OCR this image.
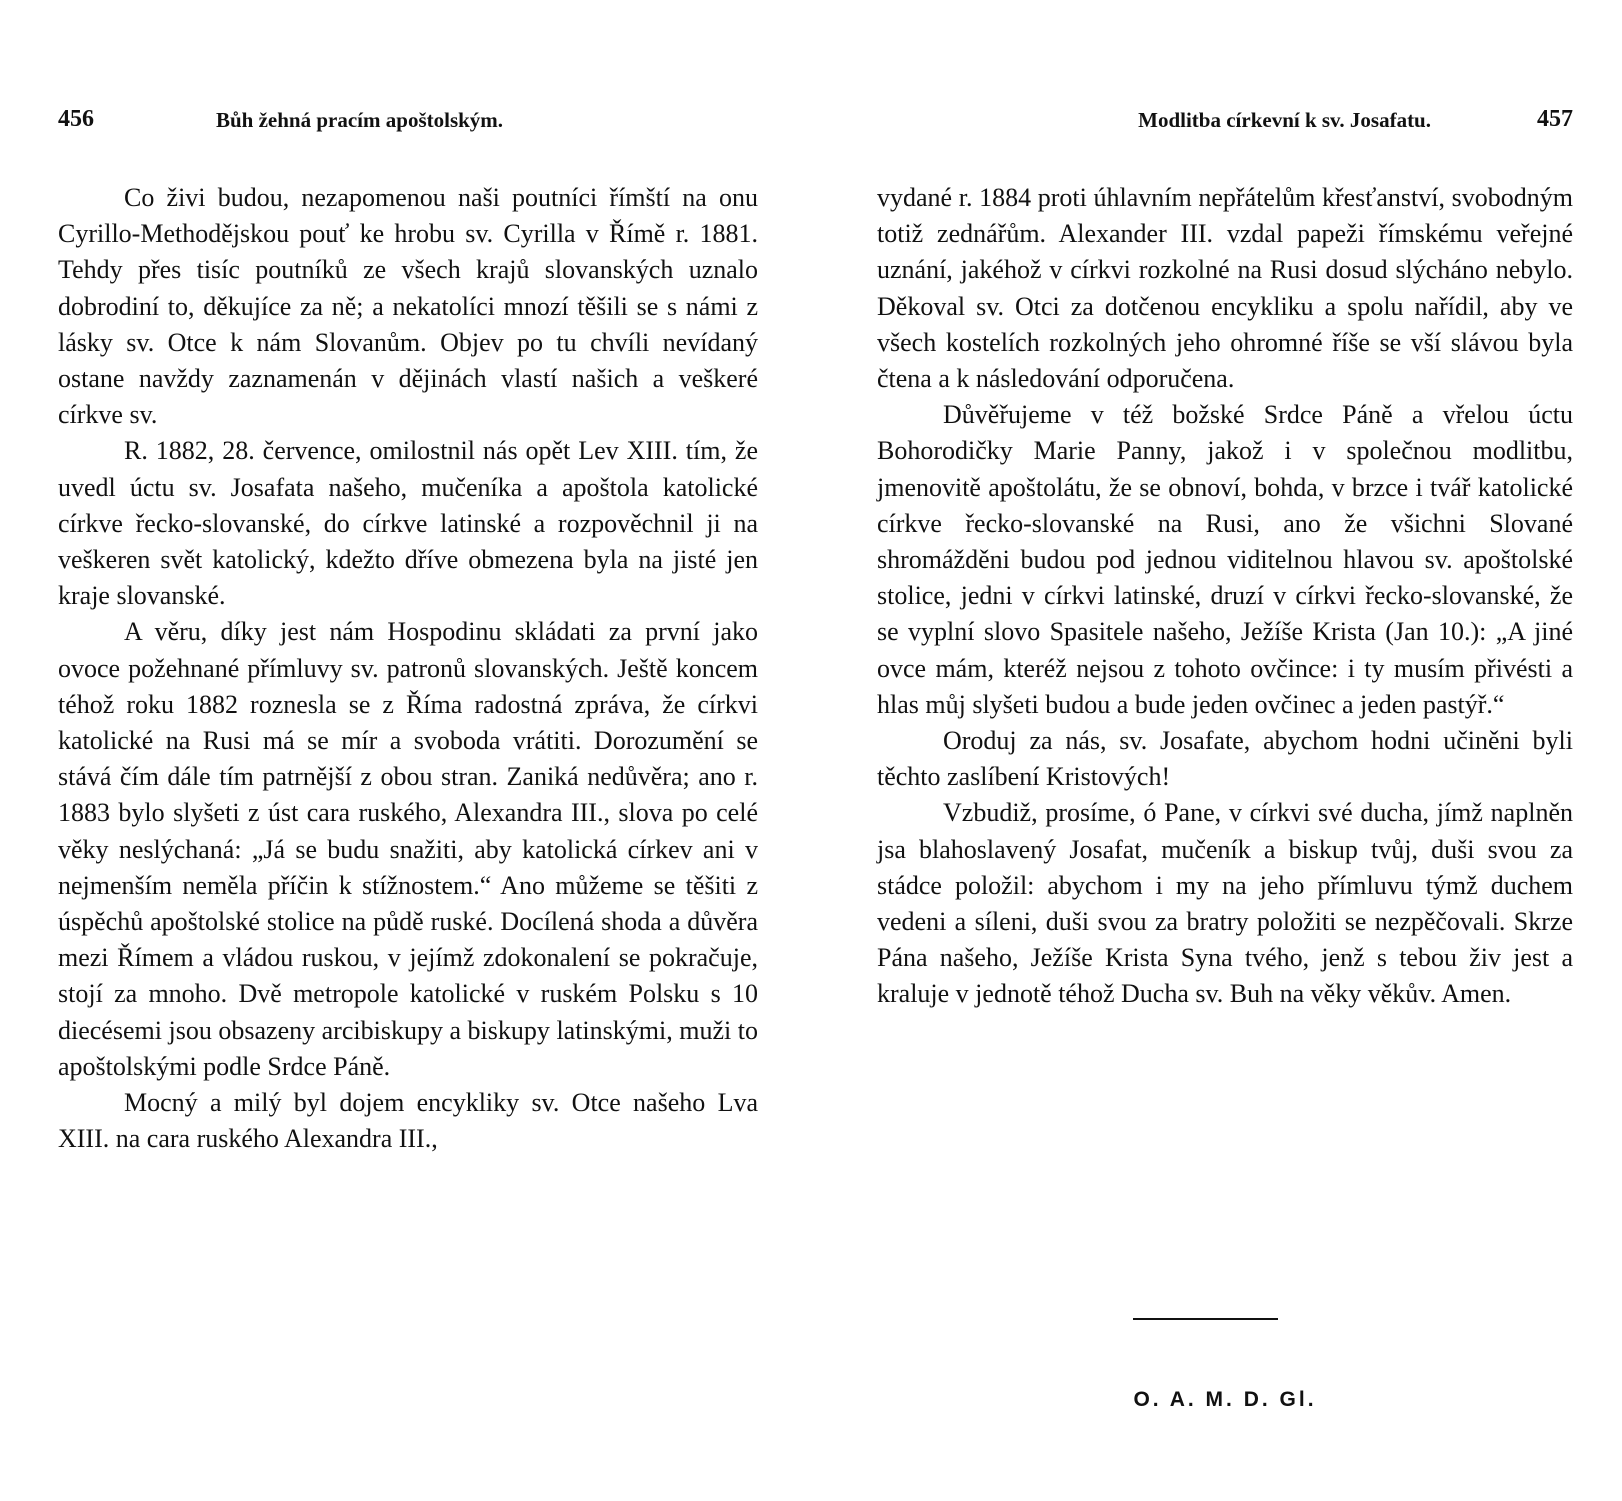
456	Bůh žehná pracím apoštolským.

Co živi budou, nezapomenou naši poutníci římští na onu Cyrillo-Methodějskou pouť ke hrobu sv. Cyrilla v Římě r. 1881. Tehdy přes tisíc poutníků ze všech krajů slovanských uznalo dobrodiní to, děkujíce za ně; a nekatolíci mnozí těšili se s námi z lásky sv. Otce k nám Slovanům. Objev po tu chvíli nevídaný ostane navždy zaznamenán v dějinách vlastí našich a veškeré církve sv.

R. 1882, 28. července, omilostnil nás opět Lev XIII. tím, že uvedl úctu sv. Josafata našeho, mučeníka a apoštola katolické církve řecko-slovanské, do církve latinské a rozpověchnil ji na veškeren svět katolický, kdežto dříve obmezena byla na jisté jen kraje slovanské.

A věru, díky jest nám Hospodinu skládati za první jako ovoce požehnané přímluvy sv. patronů slovanských. Ještě koncem téhož roku 1882 roznesla se z Říma radostná zpráva, že církvi katolické na Rusi má se mír a svoboda vrátiti. Dorozumění se stává čím dále tím patrnější z obou stran. Zaniká nedůvěra; ano r. 1883 bylo slyšeti z úst cara ruského, Alexandra III., slova po celé věky neslýchaná: „Já se budu snažiti, aby katolická církev ani v nejmenším neměla příčin k stížnostem.“ Ano můžeme se těšiti z úspěchů apoštolské stolice na půdě ruské. Docílená shoda a důvěra mezi Římem a vládou ruskou, v jejímž zdokonalení se pokračuje, stojí za mnoho. Dvě metropole katolické v ruském Polsku s 10 diecésemi jsou obsazeny arcibiskupy a biskupy latinskými, muži to apoštolskými podle Srdce Páně.

Mocný a milý byl dojem encykliky sv. Otce našeho Lva XIII. na cara ruského Alexandra III.,

Modlitba církevní k sv. Josafatu.	457

vydané r. 1884 proti úhlavním nepřátelům křesťanství, svobodným totiž zednářům. Alexander III. vzdal papeži římskému veřejné uznání, jakéhož v církvi rozkolné na Rusi dosud slýcháno nebylo. Děkoval sv. Otci za dotčenou encykliku a spolu nařídil, aby ve všech kostelích rozkolných jeho ohromné říše se vší slávou byla čtena a k následování odporučena.

Důvěřujeme v též božské Srdce Páně a vřelou úctu Bohorodičky Marie Panny, jakož i v společnou modlitbu, jmenovitě apoštolátu, že se obnoví, bohda, v brzce i tvář katolické církve řecko-slovanské na Rusi, ano že všichni Slované shromážděni budou pod jednou viditelnou hlavou sv. apoštolské stolice, jedni v církvi latinské, druzí v církvi řecko-slovanské, že se vyplní slovo Spasitele našeho, Ježíše Krista (Jan 10.): „A jiné ovce mám, kteréž nejsou z tohoto ovčince: i ty musím přivésti a hlas můj slyšeti budou a bude jeden ovčinec a jeden pastýř.“

Oroduj za nás, sv. Josafate, abychom hodni učiněni byli těchto zaslíbení Kristových!

Vzbudiž, prosíme, ó Pane, v církvi své ducha, jímž naplněn jsa blahoslavený Josafat, mučeník a biskup tvůj, duši svou za stádce položil: abychom i my na jeho přímluvu týmž duchem vedeni a síleni, duši svou za bratry položiti se nezpěčovali. Skrze Pána našeho, Ježíše Krista Syna tvého, jenž s tebou živ jest a kraluje v jednotě téhož Ducha sv. Buh na věky věkův. Amen.

O. A. M. D. Gl.
